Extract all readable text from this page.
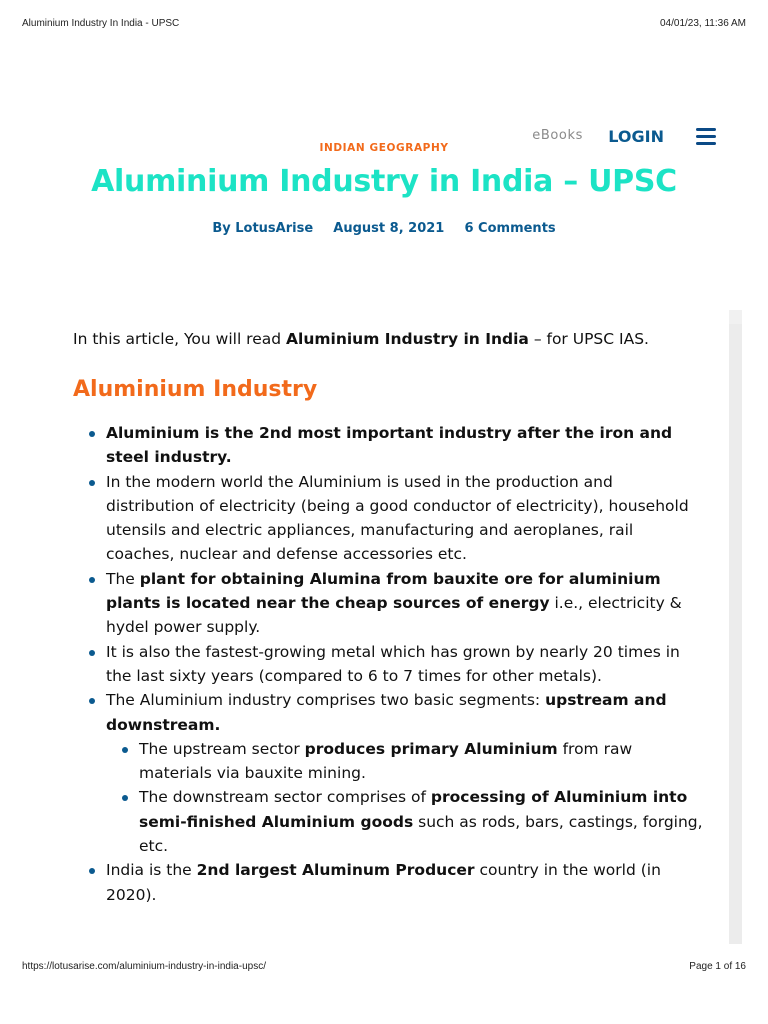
Aluminium Industry In India - UPSC	04/01/23, 11:36 AM
eBooks LOGIN
INDIAN GEOGRAPHY
Aluminium Industry in India – UPSC
By LotusArise August 8, 2021 6 Comments

In this article, You will read Aluminium Industry in India – for UPSC IAS.

Aluminium Industry
Aluminium is the 2nd most important industry after the iron and steel industry.
In the modern world the Aluminium is used in the production and distribution of electricity (being a good conductor of electricity), household utensils and electric appliances, manufacturing and aeroplanes, rail coaches, nuclear and defense accessories etc.
The plant for obtaining Alumina from bauxite ore for aluminium plants is located near the cheap sources of energy i.e., electricity & hydel power supply.
It is also the fastest-growing metal which has grown by nearly 20 times in the last sixty years (compared to 6 to 7 times for other metals).
The Aluminium industry comprises two basic segments: upstream and downstream.
The upstream sector produces primary Aluminium from raw materials via bauxite mining.
The downstream sector comprises of processing of Aluminium into semi-finished Aluminium goods such as rods, bars, castings, forging, etc.
India is the 2nd largest Aluminum Producer country in the world (in 2020).
https://lotusarise.com/aluminium-industry-in-india-upsc/	Page 1 of 16
